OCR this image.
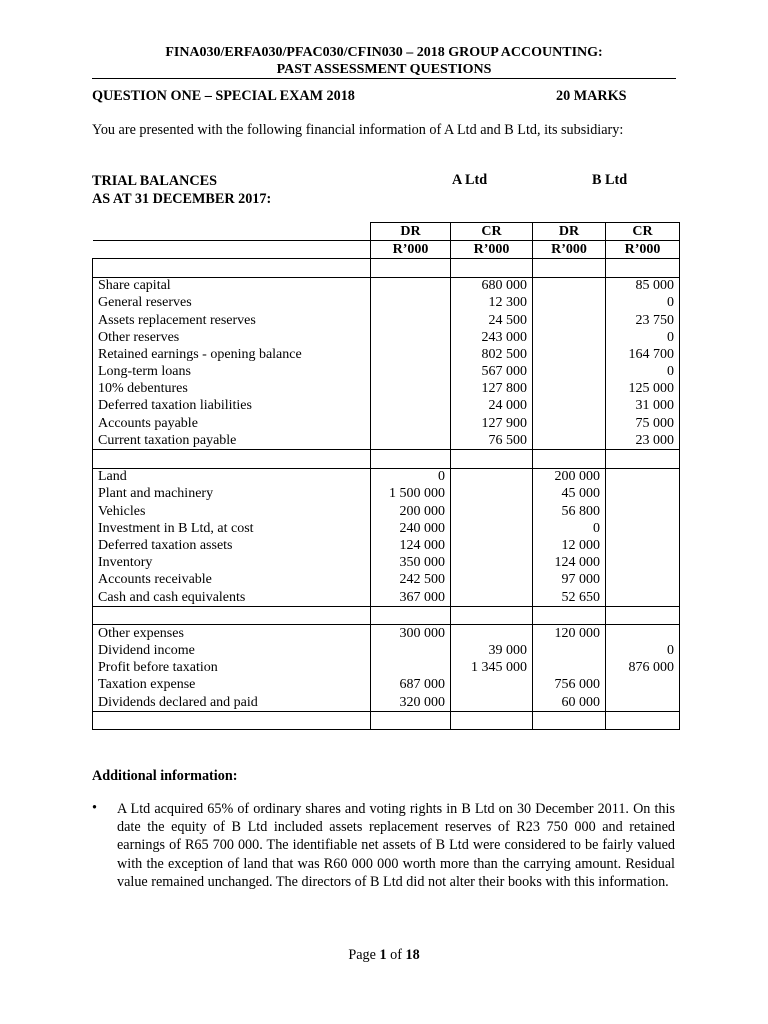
FINA030/ERFA030/PFAC030/CFIN030 – 2018 GROUP ACCOUNTING:
PAST ASSESSMENT QUESTIONS
QUESTION ONE – SPECIAL EXAM 2018	20 MARKS
You are presented with the following financial information of A Ltd and B Ltd, its subsidiary:
TRIAL BALANCES
AS AT 31 DECEMBER 2017:
A Ltd	B Ltd
	DR	CR	DR	CR
	R’000	R’000	R’000	R’000

Share capital		680 000		85 000
General reserves		12 300		0
Assets replacement reserves		24 500		23 750
Other reserves		243 000		0
Retained earnings - opening balance		802 500		164 700
Long-term loans		567 000		0
10% debentures		127 800		125 000
Deferred taxation liabilities		24 000		31 000
Accounts payable		127 900		75 000
Current taxation payable		76 500		23 000

Land	0		200 000	
Plant and machinery	1 500 000		45 000	
Vehicles	200 000		56 800	
Investment in B Ltd, at cost	240 000		0	
Deferred taxation assets	124 000		12 000	
Inventory	350 000		124 000	
Accounts receivable	242 500		97 000	
Cash and cash equivalents	367 000		52 650	

Other expenses	300 000		120 000	
Dividend income		39 000		0
Profit before taxation		1 345 000		876 000
Taxation expense	687 000		756 000	
Dividends declared and paid	320 000		60 000	

Additional information:
• A Ltd acquired 65% of ordinary shares and voting rights in B Ltd on 30 December 2011. On this date the equity of B Ltd included assets replacement reserves of R23 750 000 and retained earnings of R65 700 000. The identifiable net assets of B Ltd were considered to be fairly valued with the exception of land that was R60 000 000 worth more than the carrying amount. Residual value remained unchanged. The directors of B Ltd did not alter their books with this information.
Page 1 of 18
